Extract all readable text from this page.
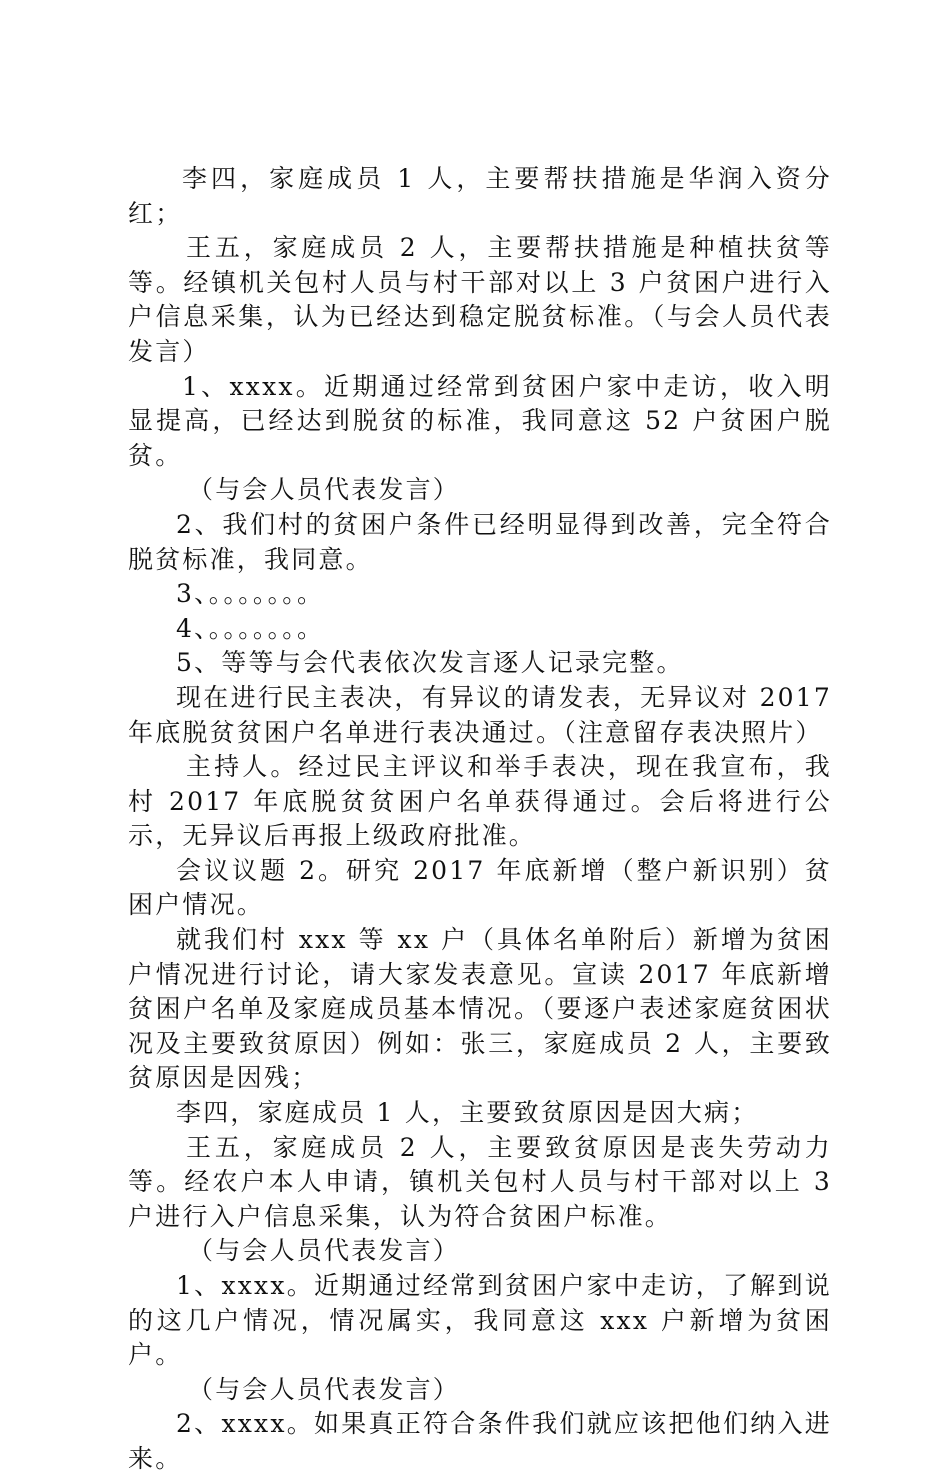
李四，家庭成员 1 人，主要帮扶措施是华润入资分红；

王五，家庭成员 2 人，主要帮扶措施是种植扶贫等等。经镇机关包村人员与村干部对以上 3 户贫困户进行入户信息采集，认为已经达到稳定脱贫标准。（与会人员代表发言）

1、xxxx。近期通过经常到贫困户家中走访，收入明显提高，已经达到脱贫的标准，我同意这 52 户贫困户脱贫。

（与会人员代表发言）

2、我们村的贫困户条件已经明显得到改善，完全符合脱贫标准，我同意。

3、。。。。。。。

4、。。。。。。。

5、等等与会代表依次发言逐人记录完整。

现在进行民主表决，有异议的请发表，无异议对 2017 年底脱贫贫困户名单进行表决通过。（注意留存表决照片）

主持人。经过民主评议和举手表决，现在我宣布，我村 2017 年底脱贫贫困户名单获得通过。会后将进行公示，无异议后再报上级政府批准。

会议议题 2。研究 2017 年底新增（整户新识别）贫困户情况。

就我们村 xxx 等 xx 户（具体名单附后）新增为贫困户情况进行讨论，请大家发表意见。宣读 2017 年底新增贫困户名单及家庭成员基本情况。（要逐户表述家庭贫困状况及主要致贫原因）例如：张三，家庭成员 2 人，主要致贫原因是因残；

李四，家庭成员 1 人，主要致贫原因是因大病；

王五，家庭成员 2 人，主要致贫原因是丧失劳动力等。经农户本人申请，镇机关包村人员与村干部对以上 3 户进行入户信息采集，认为符合贫困户标准。

（与会人员代表发言）

1、xxxx。近期通过经常到贫困户家中走访，了解到说的这几户情况，情况属实，我同意这 xxx 户新增为贫困户。

（与会人员代表发言）

2、xxxx。如果真正符合条件我们就应该把他们纳入进来。
